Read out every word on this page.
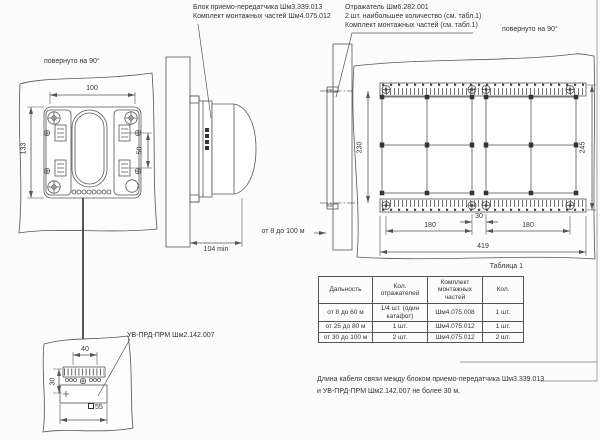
Блок приемо-передатчика Шм3.339.013
Комплект монтажных частей Шм4.075.012
Отражатель Шм6.282.001
2 шт. наибольшее количество (см. табл.1)
Комплект монтажных частей (см. табл.1)
повернуто на 90°
повернуто на 90°
УВ-ПРД-ПРМ Шм2.142.007
100
133	50
104 min
от 8 до 100 м
230	245
30
180	180
419
40
30
55
Таблица 1
Дальность	Кол. отражателей	Комплект монтажных частей	Кол.
от 8 до 60 м	1/4 шт. (один катафот)	Шм4.075.008	1 шт.
от 25 до 80 м	1 шт.	Шм4.075.012	1 шт.
от 30 до 100 м	2 шт.	Шм4.075.012	2 шт.
Длина кабеля связи между блоком приемо-передатчика Шм3.339.013
и УВ-ПРД-ПРМ Шм2.142.007 не более 30 м.
